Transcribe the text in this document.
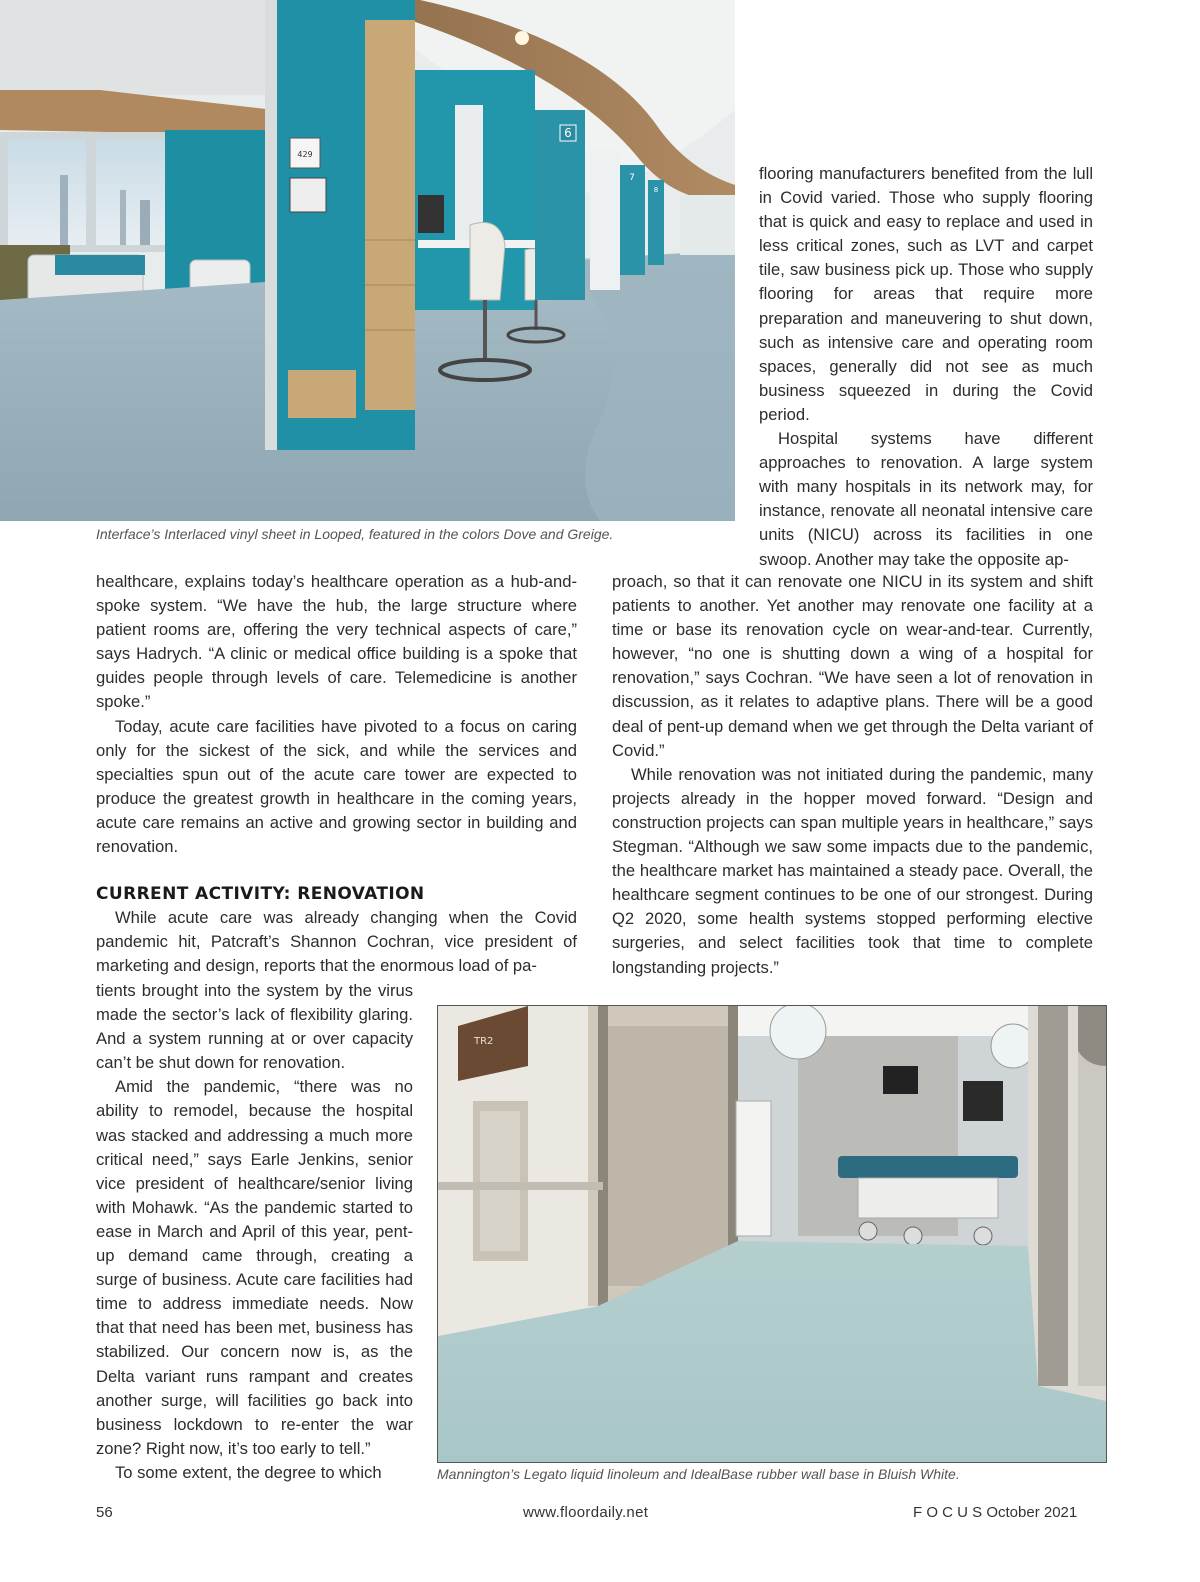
429
6
7
8
Interface’s Interlaced vinyl sheet in Looped, featured in the colors Dove and Greige.

flooring manufacturers benefited from the lull in Covid varied. Those who supply flooring that is quick and easy to replace and used in less critical zones, such as LVT and carpet tile, saw business pick up. Those who supply flooring for areas that require more preparation and maneuvering to shut down, such as intensive care and operating room spaces, generally did not see as much business squeezed in during the Covid period.

Hospital systems have different approaches to renovation. A large system with many hospitals in its network may, for instance, renovate all neonatal intensive care units (NICU) across its facilities in one swoop. Another may take the opposite ap-

proach, so that it can renovate one NICU in its system and shift patients to another. Yet another may renovate one facility at a time or base its renovation cycle on wear-and-tear. Currently, however, “no one is shutting down a wing of a hospital for renovation,” says Cochran. “We have seen a lot of renovation in discussion, as it relates to adaptive plans. There will be a good deal of pent-up demand when we get through the Delta variant of Covid.”

While renovation was not initiated during the pandemic, many projects already in the hopper moved forward. “Design and construction projects can span multiple years in healthcare,” says Stegman. “Although we saw some impacts due to the pandemic, the healthcare market has maintained a steady pace. Overall, the healthcare segment continues to be one of our strongest. During Q2 2020, some health systems stopped performing elective surgeries, and select facilities took that time to complete longstanding projects.”

healthcare, explains today’s healthcare operation as a hub-and-spoke system. “We have the hub, the large structure where patient rooms are, offering the very technical aspects of care,” says Hadrych. “A clinic or medical office building is a spoke that guides people through levels of care. Telemedicine is another spoke.”

Today, acute care facilities have pivoted to a focus on caring only for the sickest of the sick, and while the services and specialties spun out of the acute care tower are expected to produce the greatest growth in healthcare in the coming years, acute care remains an active and growing sector in building and renovation.

CURRENT ACTIVITY: RENOVATION

While acute care was already changing when the Covid pandemic hit, Patcraft’s Shannon Cochran, vice president of marketing and design, reports that the enormous load of pa-

tients brought into the system by the virus made the sector’s lack of flexibility glaring. And a system running at or over capacity can’t be shut down for renovation.

Amid the pandemic, “there was no ability to remodel, because the hospital was stacked and addressing a much more critical need,” says Earle Jenkins, senior vice president of healthcare/senior living with Mohawk. “As the pandemic started to ease in March and April of this year, pent-up demand came through, creating a surge of business. Acute care facilities had time to address immediate needs. Now that that need has been met, business has stabilized. Our concern now is, as the Delta variant runs rampant and creates another surge, will facilities go back into business lockdown to re-enter the war zone? Right now, it’s too early to tell.”

To some extent, the degree to which

TR2
Mannington’s Legato liquid linoleum and IdealBase rubber wall base in Bluish White.
56	www.floordaily.net	F O C U S October 2021
